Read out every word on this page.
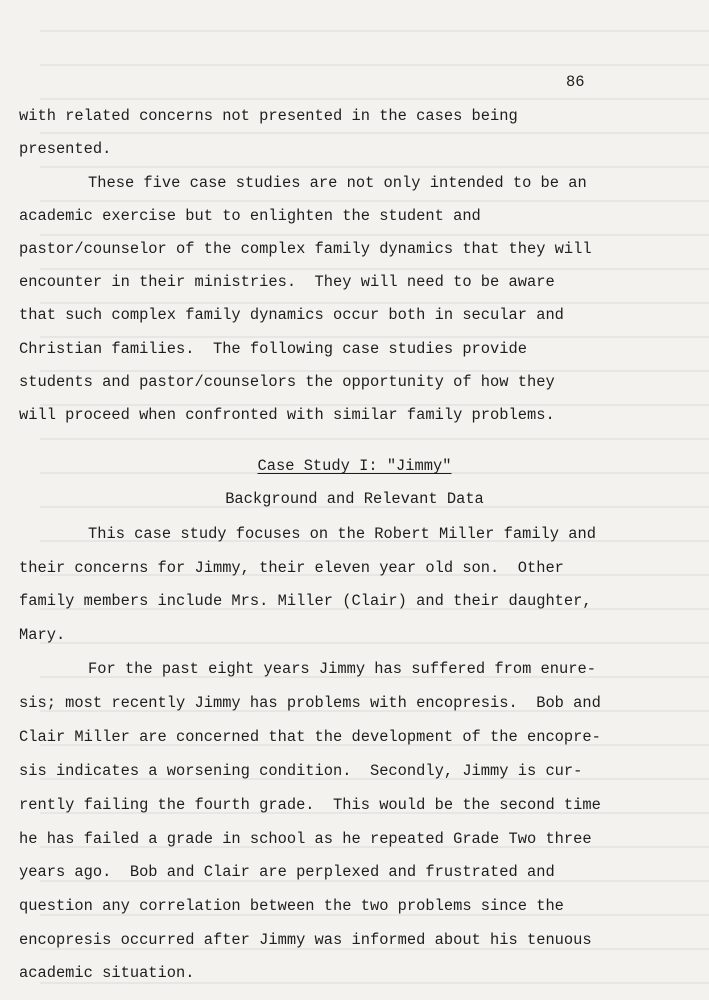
86
with related concerns not presented in the cases being
presented.
These five case studies are not only intended to be an
academic exercise but to enlighten the student and
pastor/counselor of the complex family dynamics that they will
encounter in their ministries.  They will need to be aware
that such complex family dynamics occur both in secular and
Christian families.  The following case studies provide
students and pastor/counselors the opportunity of how they
will proceed when confronted with similar family problems.
Case Study I: "Jimmy"
Background and Relevant Data
This case study focuses on the Robert Miller family and
their concerns for Jimmy, their eleven year old son.  Other
family members include Mrs. Miller (Clair) and their daughter,
Mary.
For the past eight years Jimmy has suffered from enure-
sis; most recently Jimmy has problems with encopresis.  Bob and
Clair Miller are concerned that the development of the encopre-
sis indicates a worsening condition.  Secondly, Jimmy is cur-
rently failing the fourth grade.  This would be the second time
he has failed a grade in school as he repeated Grade Two three
years ago.  Bob and Clair are perplexed and frustrated and
question any correlation between the two problems since the
encopresis occurred after Jimmy was informed about his tenuous
academic situation.
